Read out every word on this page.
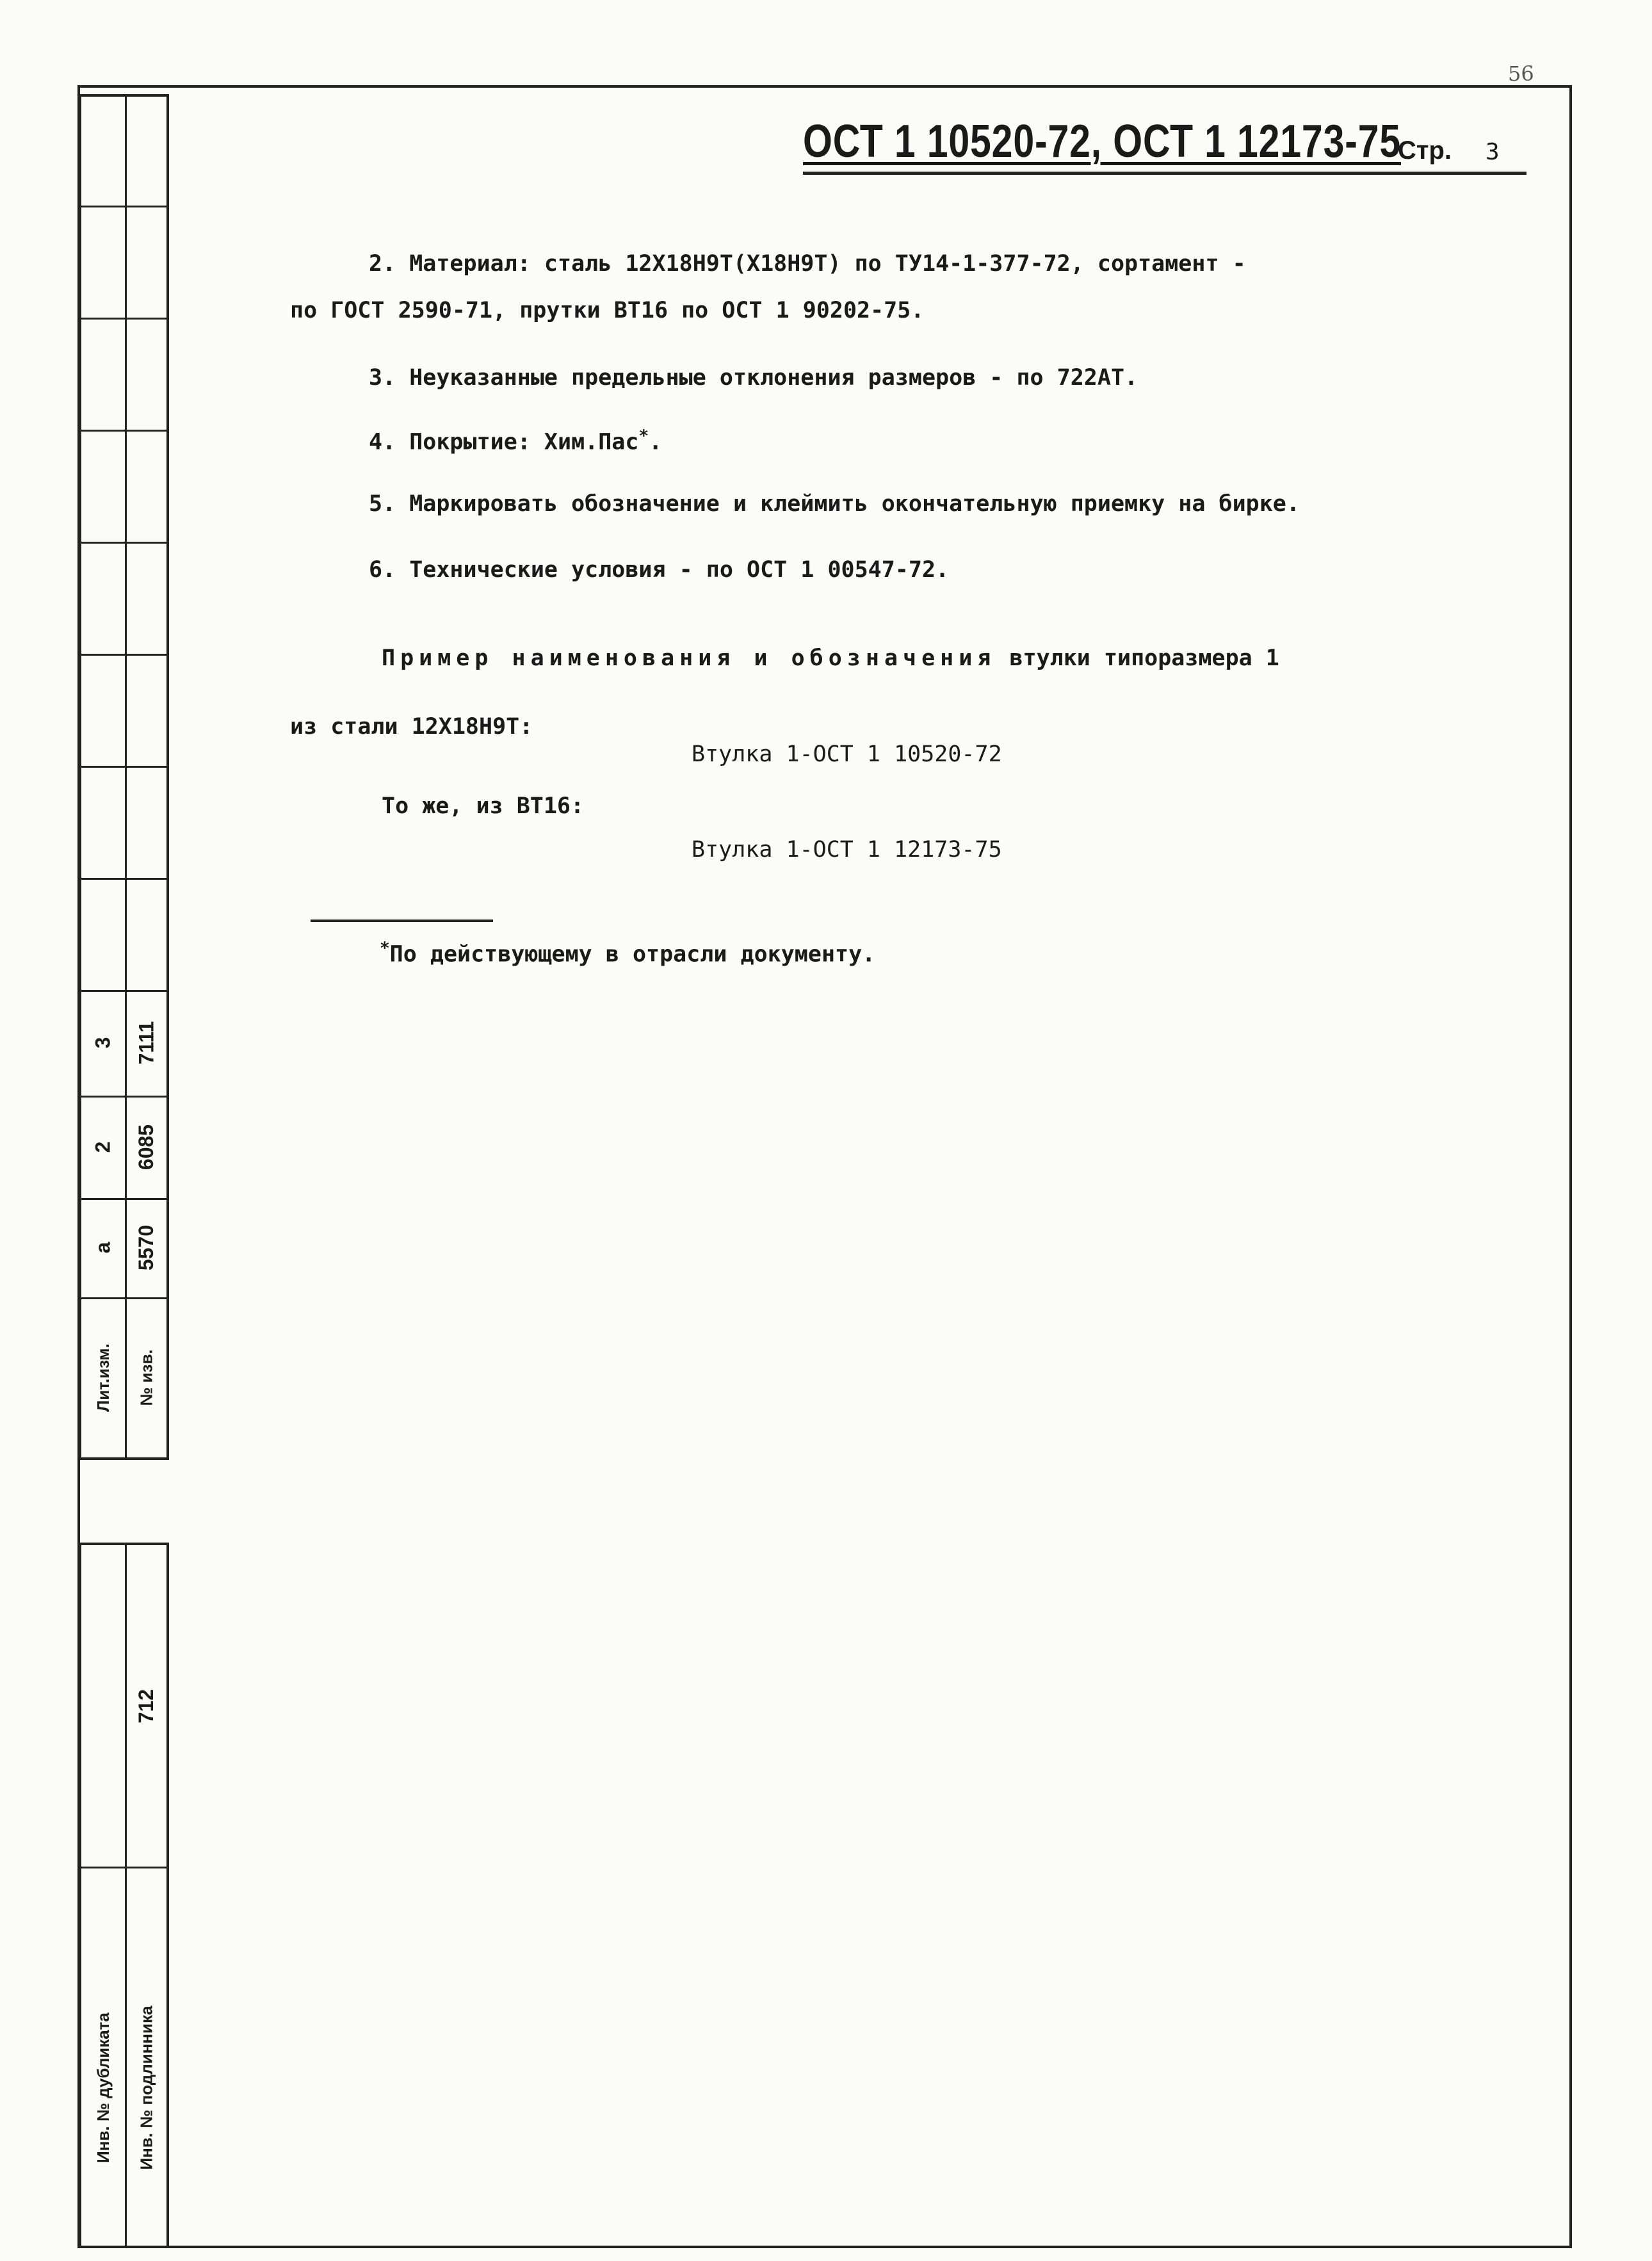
56
ОСТ 1 10520-72, ОСТ 1 12173-75
Стр. 3
2. Материал: сталь 12Х18Н9Т(Х18Н9Т) по ТУ14-1-377-72, сортамент -
по ГОСТ 2590-71, прутки ВТ16 по ОСТ 1 90202-75.
3. Неуказанные предельные отклонения размеров - по 722АТ.
4. Покрытие: Хим.Пас*.
5. Маркировать обозначение и клеймить окончательную приемку на бирке.
6. Технические условия - по ОСТ 1 00547-72.
Пример наименования и обозначения втулки типоразмера 1
из стали 12Х18Н9Т:
Втулка 1-ОСТ 1 10520-72
То же, из ВТ16:
Втулка 1-ОСТ 1 12173-75
*По действующему в отрасли документу.
3 7111
2 6085
а 5570
Лит.изм. № изв.
712
Инв. № дубликата Инв. № подлинника
